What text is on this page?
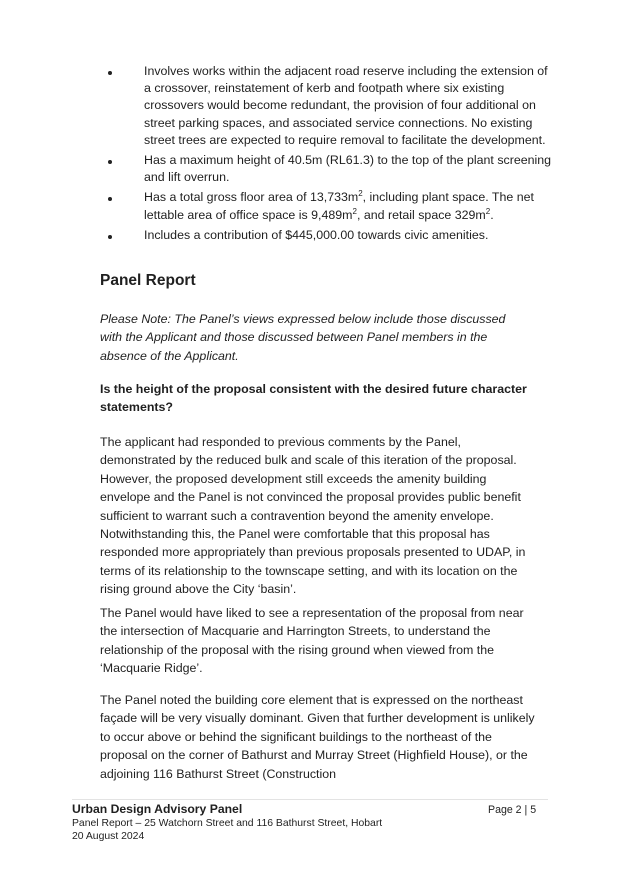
Involves works within the adjacent road reserve including the extension of a crossover, reinstatement of kerb and footpath where six existing crossovers would become redundant, the provision of four additional on street parking spaces, and associated service connections. No existing street trees are expected to require removal to facilitate the development.
Has a maximum height of 40.5m (RL61.3) to the top of the plant screening and lift overrun.
Has a total gross floor area of $13,733m^2$, including plant space. The net lettable area of office space is $9,489m^2$, and retail space $329m^2$.
Includes a contribution of $445,000.00 towards civic amenities.
Panel Report

Please Note: The Panel’s views expressed below include those discussed with the Applicant and those discussed between Panel members in the absence of the Applicant.

Is the height of the proposal consistent with the desired future character statements?

The applicant had responded to previous comments by the Panel, demonstrated by the reduced bulk and scale of this iteration of the proposal. However, the proposed development still exceeds the amenity building envelope and the Panel is not convinced the proposal provides public benefit sufficient to warrant such a contravention beyond the amenity envelope. Notwithstanding this, the Panel were comfortable that this proposal has responded more appropriately than previous proposals presented to UDAP, in terms of its relationship to the townscape setting, and with its location on the rising ground above the City ‘basin’.

The Panel would have liked to see a representation of the proposal from near the intersection of Macquarie and Harrington Streets, to understand the relationship of the proposal with the rising ground when viewed from the ‘Macquarie Ridge’.

The Panel noted the building core element that is expressed on the northeast façade will be very visually dominant. Given that further development is unlikely to occur above or behind the significant buildings to the northeast of the proposal on the corner of Bathurst and Murray Street (Highfield House), or the adjoining 116 Bathurst Street (Construction

Urban Design Advisory Panel

Panel Report – 25 Watchorn Street and 116 Bathurst Street, Hobart

20 August 2024

Page 2 | 5
